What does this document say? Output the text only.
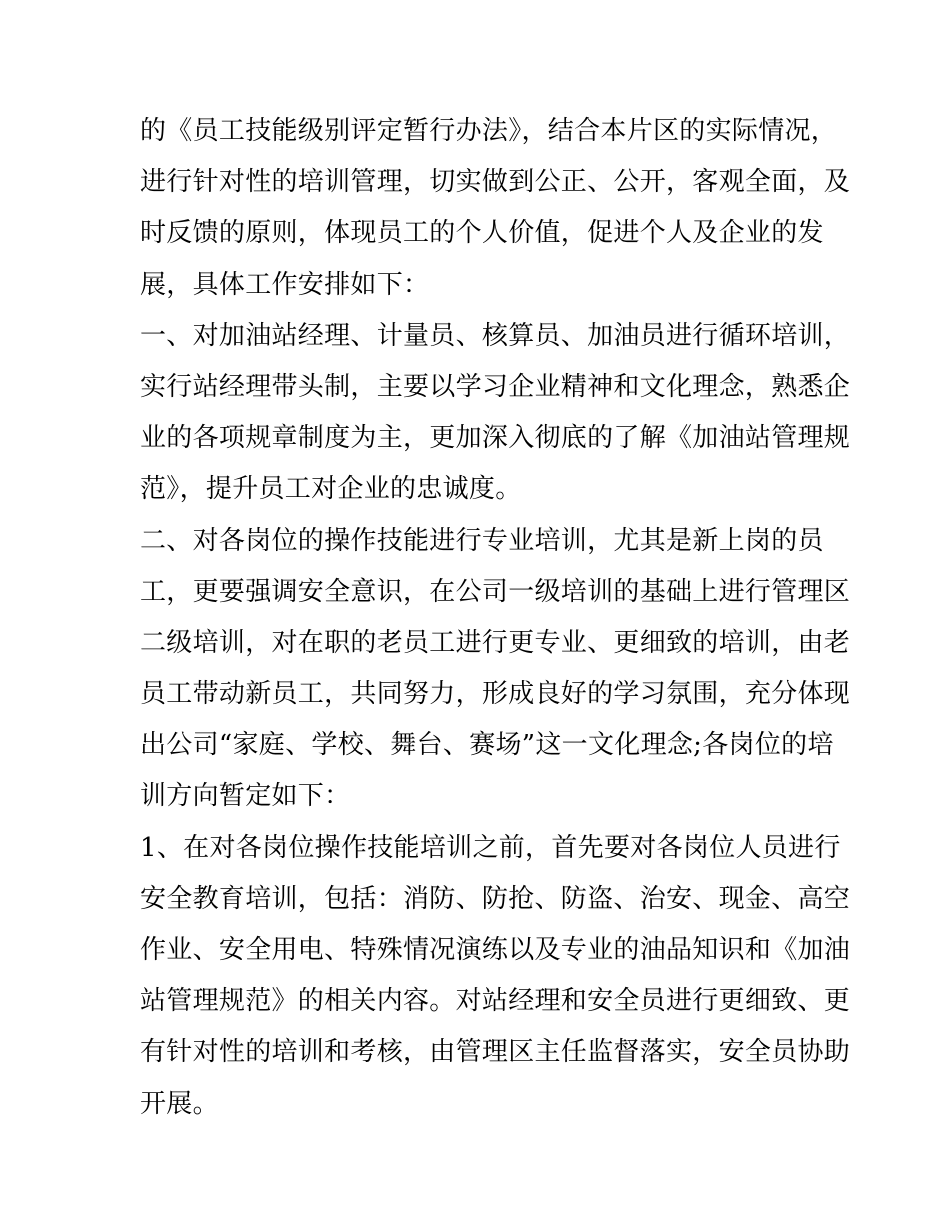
的《员工技能级别评定暂行办法》，结合本片区的实际情况，
进行针对性的培训管理，切实做到公正、公开，客观全面，及
时反馈的原则，体现员工的个人价值，促进个人及企业的发
展，具体工作安排如下：
一、对加油站经理、计量员、核算员、加油员进行循环培训，
实行站经理带头制，主要以学习企业精神和文化理念，熟悉企
业的各项规章制度为主，更加深入彻底的了解《加油站管理规
范》，提升员工对企业的忠诚度。
二、对各岗位的操作技能进行专业培训，尤其是新上岗的员
工，更要强调安全意识，在公司一级培训的基础上进行管理区
二级培训，对在职的老员工进行更专业、更细致的培训，由老
员工带动新员工，共同努力，形成良好的学习氛围，充分体现
出公司“家庭、学校、舞台、赛场”这一文化理念;各岗位的培
训方向暂定如下：
1、在对各岗位操作技能培训之前，首先要对各岗位人员进行
安全教育培训，包括：消防、防抢、防盗、治安、现金、高空
作业、安全用电、特殊情况演练以及专业的油品知识和《加油
站管理规范》的相关内容。对站经理和安全员进行更细致、更
有针对性的培训和考核，由管理区主任监督落实，安全员协助
开展。
